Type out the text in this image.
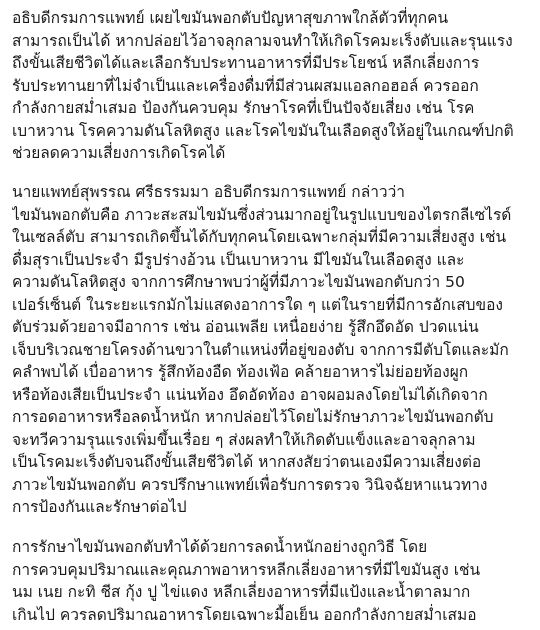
อธิบดีกรมการแพทย์ เผยไขมันพอกตับปัญหาสุขภาพใกล้ตัวที่ทุกคน
สามารถเป็นได้ หากปล่อยไว้อาจลุกลามจนทำให้เกิดโรคมะเร็งตับและรุนแรง
ถึงขั้นเสียชีวิตได้และเลือกรับประทานอาหารที่มีประโยชน์ หลีกเลี่ยงการ
รับประทานยาที่ไม่จำเป็นและเครื่องดื่มที่มีส่วนผสมแอลกอฮอล์ ควรออก
กำลังกายสม่ำเสมอ ป้องกันควบคุม รักษาโรคที่เป็นปัจจัยเสี่ยง เช่น โรค
เบาหวาน โรคความดันโลหิตสูง และโรคไขมันในเลือดสูงให้อยู่ในเกณฑ์ปกติ
ช่วยลดความเสี่ยงการเกิดโรคได้

นายแพทย์สุพรรณ ศรีธรรมมา อธิบดีกรมการแพทย์ กล่าวว่า
ไขมันพอกตับคือ ภาวะสะสมไขมันซึ่งส่วนมากอยู่ในรูปแบบของไตรกลีเซไรด์
ในเซลล์ตับ สามารถเกิดขึ้นได้กับทุกคนโดยเฉพาะกลุ่มที่มีความเสี่ยงสูง เช่น
ดื่มสุราเป็นประจำ มีรูปร่างอ้วน เป็นเบาหวาน มีไขมันในเลือดสูง และ
ความดันโลหิตสูง จากการศึกษาพบว่าผู้ที่มีภาวะไขมันพอกตับกว่า 50
เปอร์เซ็นต์ ในระยะแรกมักไม่แสดงอาการใด ๆ แต่ในรายที่มีการอักเสบของ
ตับร่วมด้วยอาจมีอาการ เช่น อ่อนเพลีย เหนื่อยง่าย รู้สึกอึดอัด ปวดแน่น
เจ็บบริเวณชายโครงด้านขวาในตำแหน่งที่อยู่ของตับ จากการมีตับโตและมัก
คลำพบได้ เบื่ออาหาร รู้สึกท้องอืด ท้องเฟ้อ คล้ายอาหารไม่ย่อยท้องผูก
หรือท้องเสียเป็นประจำ แน่นท้อง อึดอัดท้อง อาจผอมลงโดยไม่ได้เกิดจาก
การอดอาหารหรือลดน้ำหนัก หากปล่อยไว้โดยไม่รักษาภาวะไขมันพอกตับ
จะทวีความรุนแรงเพิ่มขึ้นเรื่อย ๆ ส่งผลทำให้เกิดตับแข็งและอาจลุกลาม
เป็นโรคมะเร็งตับจนถึงขั้นเสียชีวิตได้ หากสงสัยว่าตนเองมีความเสี่ยงต่อ
ภาวะไขมันพอกตับ ควรปรึกษาแพทย์เพื่อรับการตรวจ วินิจฉัยหาแนวทาง
การป้องกันและรักษาต่อไป

การรักษาไขมันพอกตับทำได้ด้วยการลดน้ำหนักอย่างถูกวิธี โดย
การควบคุมปริมาณและคุณภาพอาหารหลีกเลี่ยงอาหารที่มีไขมันสูง เช่น
นม เนย กะทิ ชีส กุ้ง ปู ไข่แดง หลีกเลี่ยงอาหารที่มีแป้งและน้ำตาลมาก
เกินไป ควรลดปริมาณอาหารโดยเฉพาะมื้อเย็น ออกกำลังกายสม่ำเสมอ
